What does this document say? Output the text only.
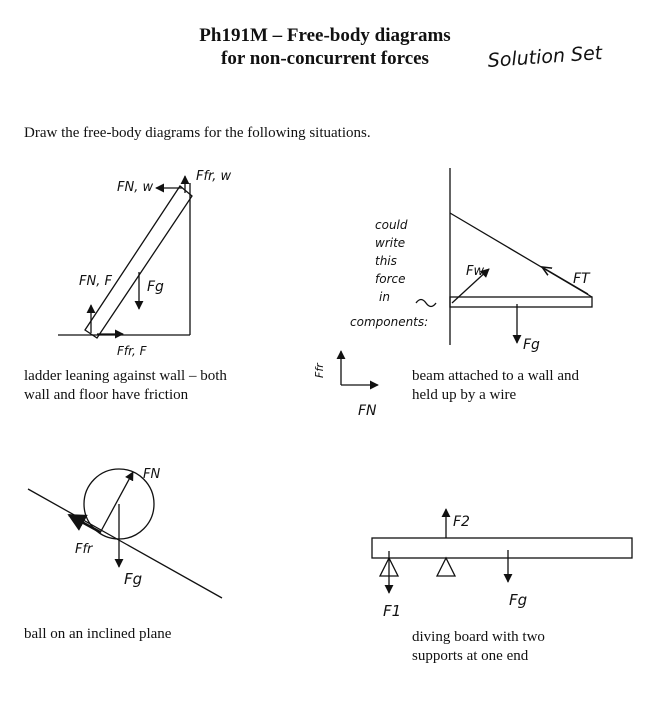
Ph191M – Free-body diagrams
for non-concurrent forces	Solution Set
Draw the free-body diagrams for the following situations.
ladder leaning against wall – both
wall and floor have friction
beam attached to a wall and
held up by a wire
ball on an inclined plane	diving board with two
supports at one end
FN, w
Ffr, w
FN, F	Fg
Ffr, F
Fw	FT
Fg
Ffr
FN
could
write
this
force
in
components:
FN
Ffr
Fg
F2
F1
Fg
